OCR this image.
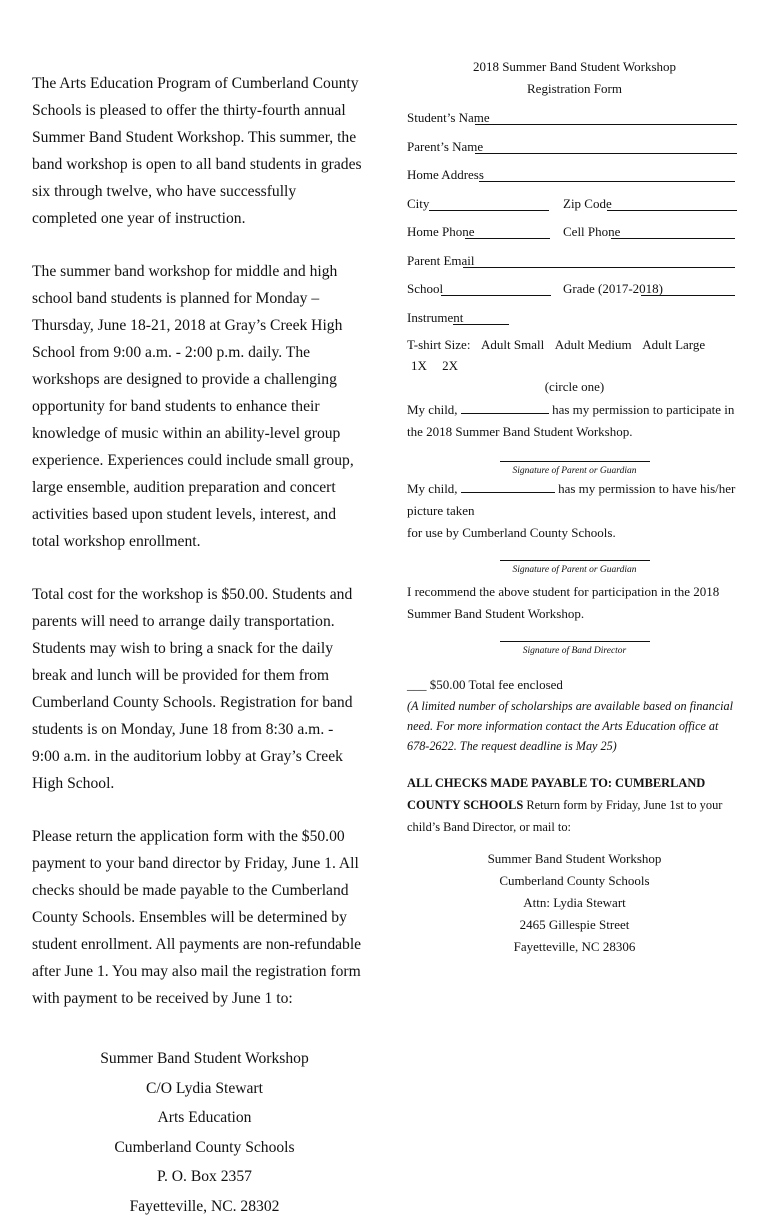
The Arts Education Program of Cumberland County Schools is pleased to offer the thirty-fourth annual Summer Band Student Workshop. This summer, the band workshop is open to all band students in grades six through twelve, who have successfully completed one year of instruction.

The summer band workshop for middle and high school band students is planned for Monday – Thursday, June 18-21, 2018 at Gray’s Creek High School from 9:00 a.m. - 2:00 p.m. daily. The workshops are designed to provide a challenging opportunity for band students to enhance their knowledge of music within an ability-level group experience. Experiences could include small group, large ensemble, audition preparation and concert activities based upon student levels, interest, and total workshop enrollment.

Total cost for the workshop is $50.00. Students and parents will need to arrange daily transportation. Students may wish to bring a snack for the daily break and lunch will be provided for them from Cumberland County Schools. Registration for band students is on Monday, June 18 from 8:30 a.m. - 9:00 a.m. in the auditorium lobby at Gray’s Creek High School.

Please return the application form with the $50.00 payment to your band director by Friday, June 1. All checks should be made payable to the Cumberland County Schools. Ensembles will be determined by student enrollment. All payments are non-refundable after June 1. You may also mail the registration form with payment to be received by June 1 to:

Summer Band Student Workshop
C/O Lydia Stewart
Arts Education
Cumberland County Schools
P. O. Box 2357
Fayetteville, NC. 28302
2018 Summer Band Student Workshop
Registration Form
Student’s Name
Parent’s Name
Home Address
City	Zip Code
Home Phone	Cell Phone
Parent Email
School	Grade (2017-2018)
Instrument
T-shirt Size: Adult Small Adult Medium Adult Large 1X 2X
(circle one)
My child,	has my permission to participate in
the 2018 Summer Band Student Workshop.
Signature of Parent or Guardian
My child,	has my permission to have his/her picture taken
for use by Cumberland County Schools.
Signature of Parent or Guardian
I recommend the above student for participation in the 2018 Summer Band Student Workshop.
Signature of Band Director
___ $50.00 Total fee enclosed
(A limited number of scholarships are available based on financial need. For more information contact the Arts Education office at 678-2622. The request deadline is May 25)
ALL CHECKS MADE PAYABLE TO: CUMBERLAND COUNTY SCHOOLS Return form by Friday, June 1st to your child’s Band Director, or mail to:
Summer Band Student Workshop
Cumberland County Schools
Attn: Lydia Stewart
2465 Gillespie Street
Fayetteville, NC 28306
